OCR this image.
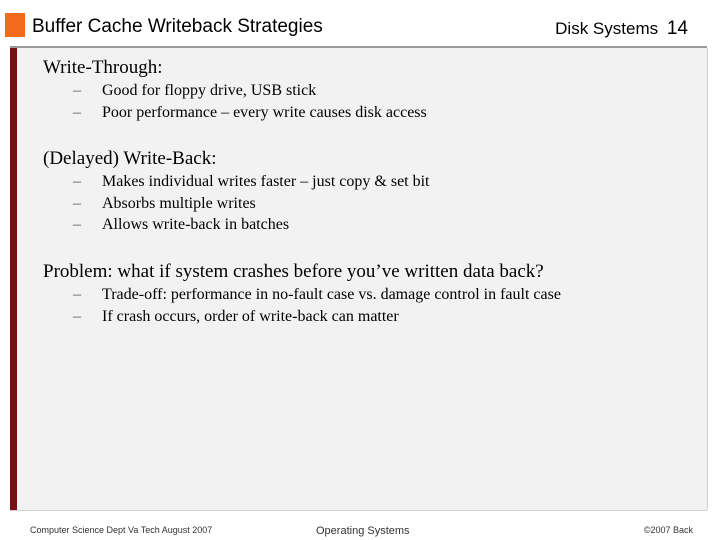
Buffer Cache Writeback Strategies	Disk Systems 14

Write-Through:

– Good for floppy drive, USB stick
– Poor performance – every write causes disk access

(Delayed) Write-Back:

– Makes individual writes faster – just copy & set bit
– Absorbs multiple writes
– Allows write-back in batches

Problem: what if system crashes before you’ve written data back?

– Trade-off: performance in no-fault case vs. damage control in fault case
– If crash occurs, order of write-back can matter
Computer Science Dept Va Tech August 2007	Operating Systems	©2007 Back
